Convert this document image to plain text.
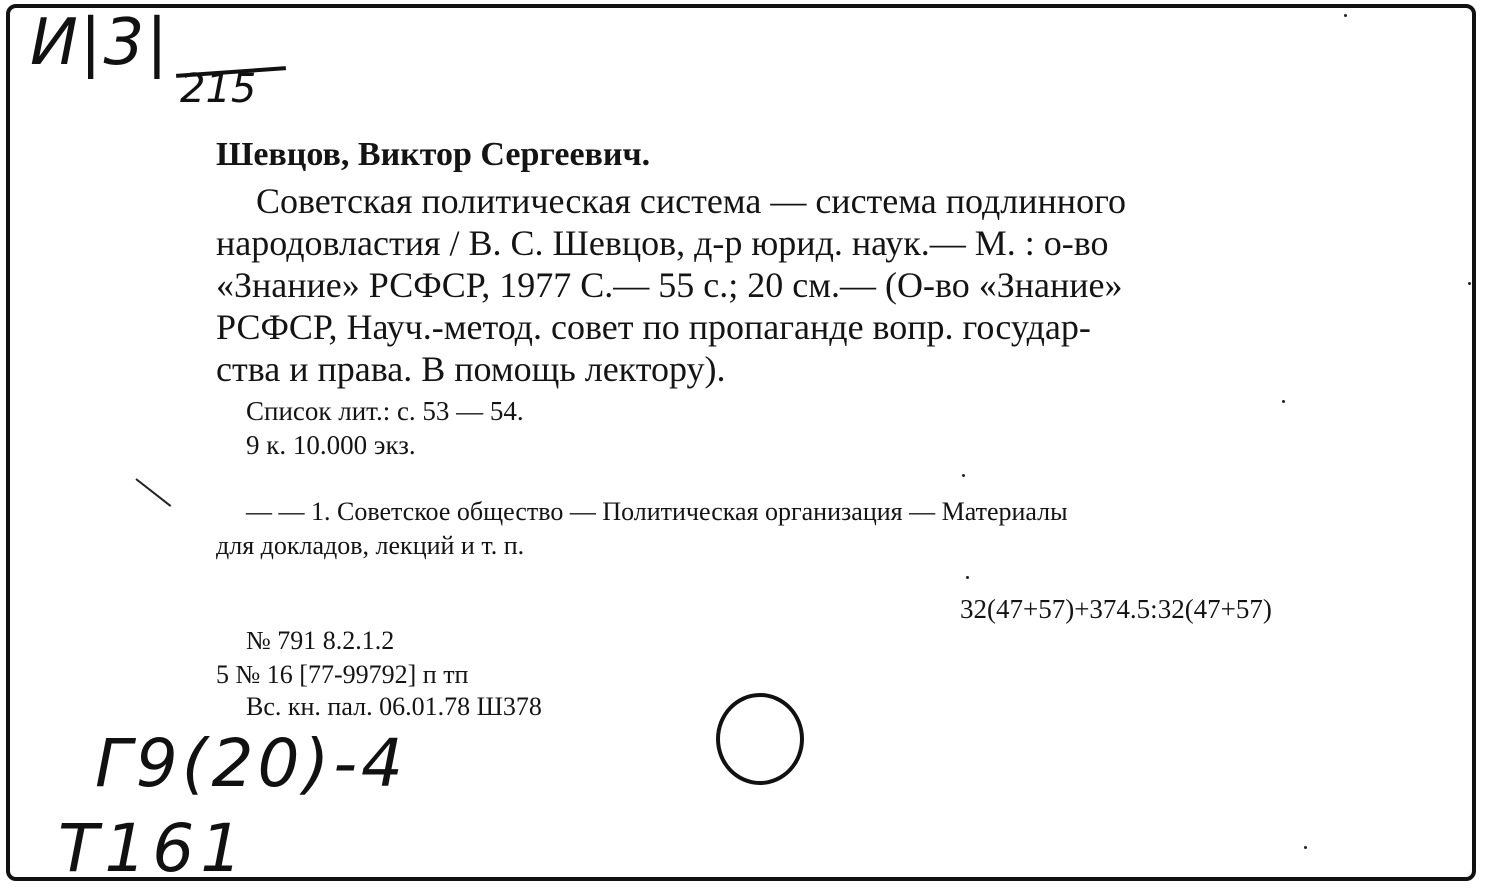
И|3|
215
Шевцов, Виктор Сергеевич.
Советская политическая система — система подлинного
народовластия / В. С. Шевцов, д-р юрид. наук.— М. : о-во
«Знание» РСФСР, 1977 С.— 55 с.; 20 см.— (О-во «Знание»
РСФСР, Науч.-метод. совет по пропаганде вопр. государ-
ства и права. В помощь лектору).
Список лит.: с. 53 — 54.
9 к. 10.000 экз.
— — 1. Советское общество — Политическая организация — Материалы
для докладов, лекций и т. п.
32(47+57)+374.5:32(47+57)
№ 791 8.2.1.2
5 № 16 [77-99792] п тп
Вс. кн. пал. 06.01.78 Ш378
Г9(20)-4
Т161
